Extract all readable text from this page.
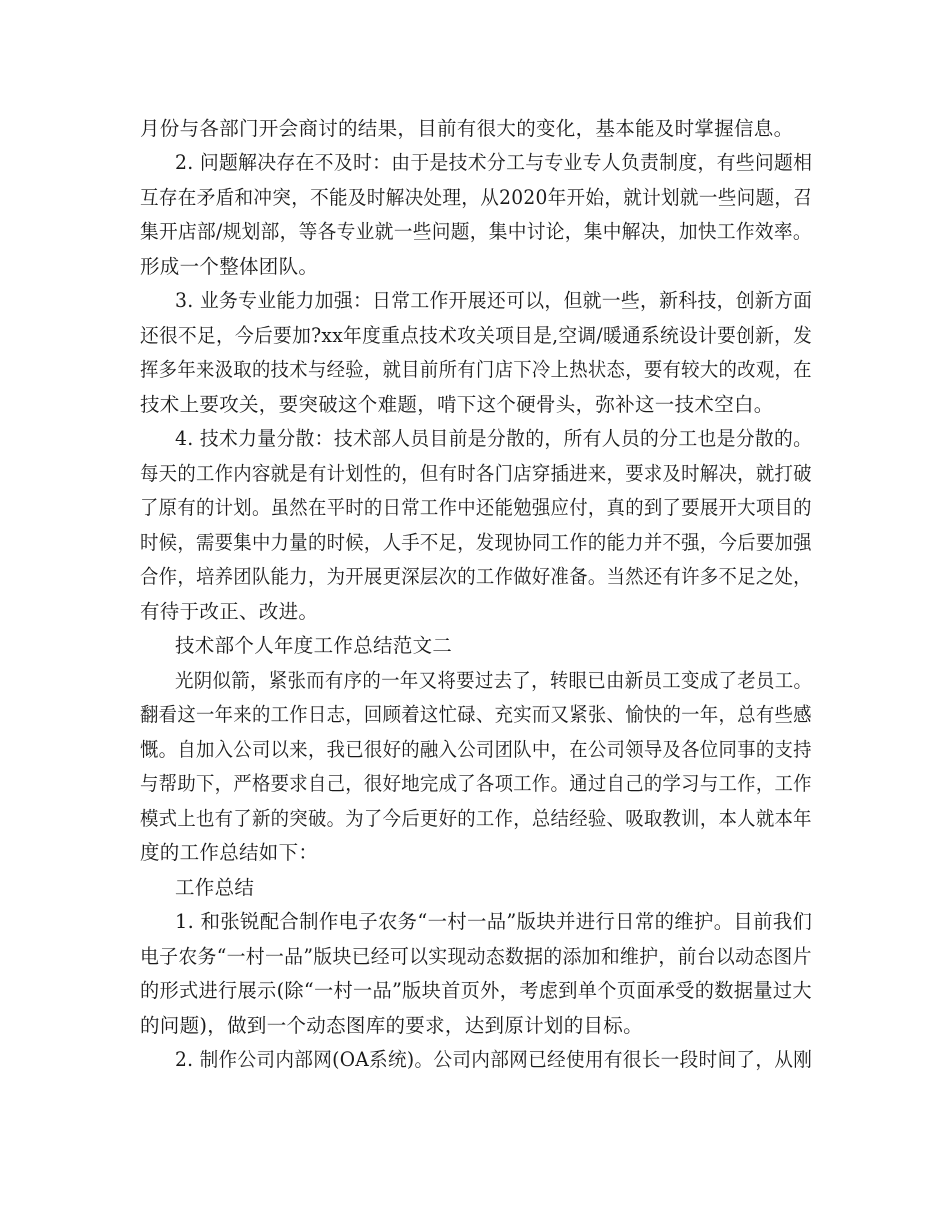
月份与各部门开会商讨的结果，目前有很大的变化，基本能及时掌握信息。
2. 问题解决存在不及时：由于是技术分工与专业专人负责制度，有些问题相
互存在矛盾和冲突，不能及时解决处理，从2020年开始，就计划就一些问题，召
集开店部/规划部，等各专业就一些问题，集中讨论，集中解决，加快工作效率。
形成一个整体团队。
3. 业务专业能力加强：日常工作开展还可以，但就一些，新科技，创新方面
还很不足，今后要加?xx年度重点技术攻关项目是,空调/暖通系统设计要创新，发
挥多年来汲取的技术与经验，就目前所有门店下冷上热状态，要有较大的改观，在
技术上要攻关，要突破这个难题，啃下这个硬骨头，弥补这一技术空白。
4. 技术力量分散：技术部人员目前是分散的，所有人员的分工也是分散的。
每天的工作内容就是有计划性的，但有时各门店穿插进来，要求及时解决，就打破
了原有的计划。虽然在平时的日常工作中还能勉强应付，真的到了要展开大项目的
时候，需要集中力量的时候，人手不足，发现协同工作的能力并不强，今后要加强
合作，培养团队能力，为开展更深层次的工作做好准备。当然还有许多不足之处，
有待于改正、改进。
技术部个人年度工作总结范文二
光阴似箭，紧张而有序的一年又将要过去了，转眼已由新员工变成了老员工。
翻看这一年来的工作日志，回顾着这忙碌、充实而又紧张、愉快的一年，总有些感
慨。自加入公司以来，我已很好的融入公司团队中，在公司领导及各位同事的支持
与帮助下，严格要求自己，很好地完成了各项工作。通过自己的学习与工作，工作
模式上也有了新的突破。为了今后更好的工作，总结经验、吸取教训，本人就本年
度的工作总结如下：
工作总结
1. 和张锐配合制作电子农务“一村一品”版块并进行日常的维护。目前我们
电子农务“一村一品”版块已经可以实现动态数据的添加和维护，前台以动态图片
的形式进行展示(除“一村一品”版块首页外，考虑到单个页面承受的数据量过大
的问题)，做到一个动态图库的要求，达到原计划的目标。
2. 制作公司内部网(OA系统)。公司内部网已经使用有很长一段时间了，从刚
